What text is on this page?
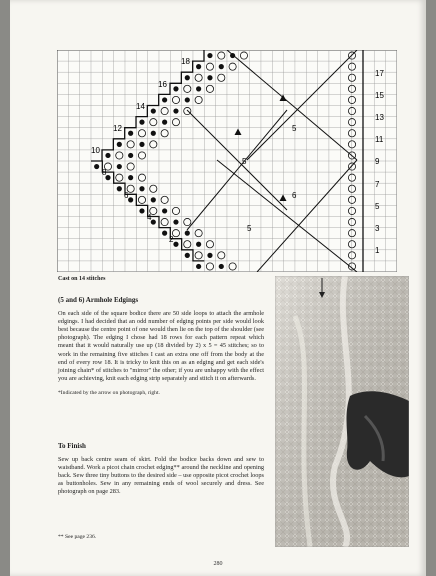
18
16
14
12
10
8
6
4
2
5
5
6
5
17
15
13
11
9
7
5
3
1
Cast on 14 stitches
(5 and 6) Armhole Edgings

On each side of the square bodice there are 50 side loops to attach the armhole edgings. I had decided that an odd number of edging points per side would look best because the centre point of one would then lie on the top of the shoulder (see photograph). The edging I chose had 18 rows for each pattern repeat which meant that it would naturally use up (18 divided by 2) x 5 = 45 stitches; so to work in the remaining five stitches I cast an extra one off from the body at the end of every row 18. It is tricky to knit this on as an edging and get each side's joining chain* of stitches to "mirror" the other; if you are unhappy with the effect you are achieving, knit each edging strip separately and stitch it on afterwards.

*Indicated by the arrow on photograph, right.

To Finish

Sew up back centre seam of skirt. Fold the bodice backs down and sew to waistband. Work a picot chain crochet edging** around the neckline and opening back. Sew three tiny buttons to the desired side – use opposite picot crochet loops as buttonholes. Sew in any remaining ends of wool securely and dress. See photograph on page 283.

** See page 236.
280
